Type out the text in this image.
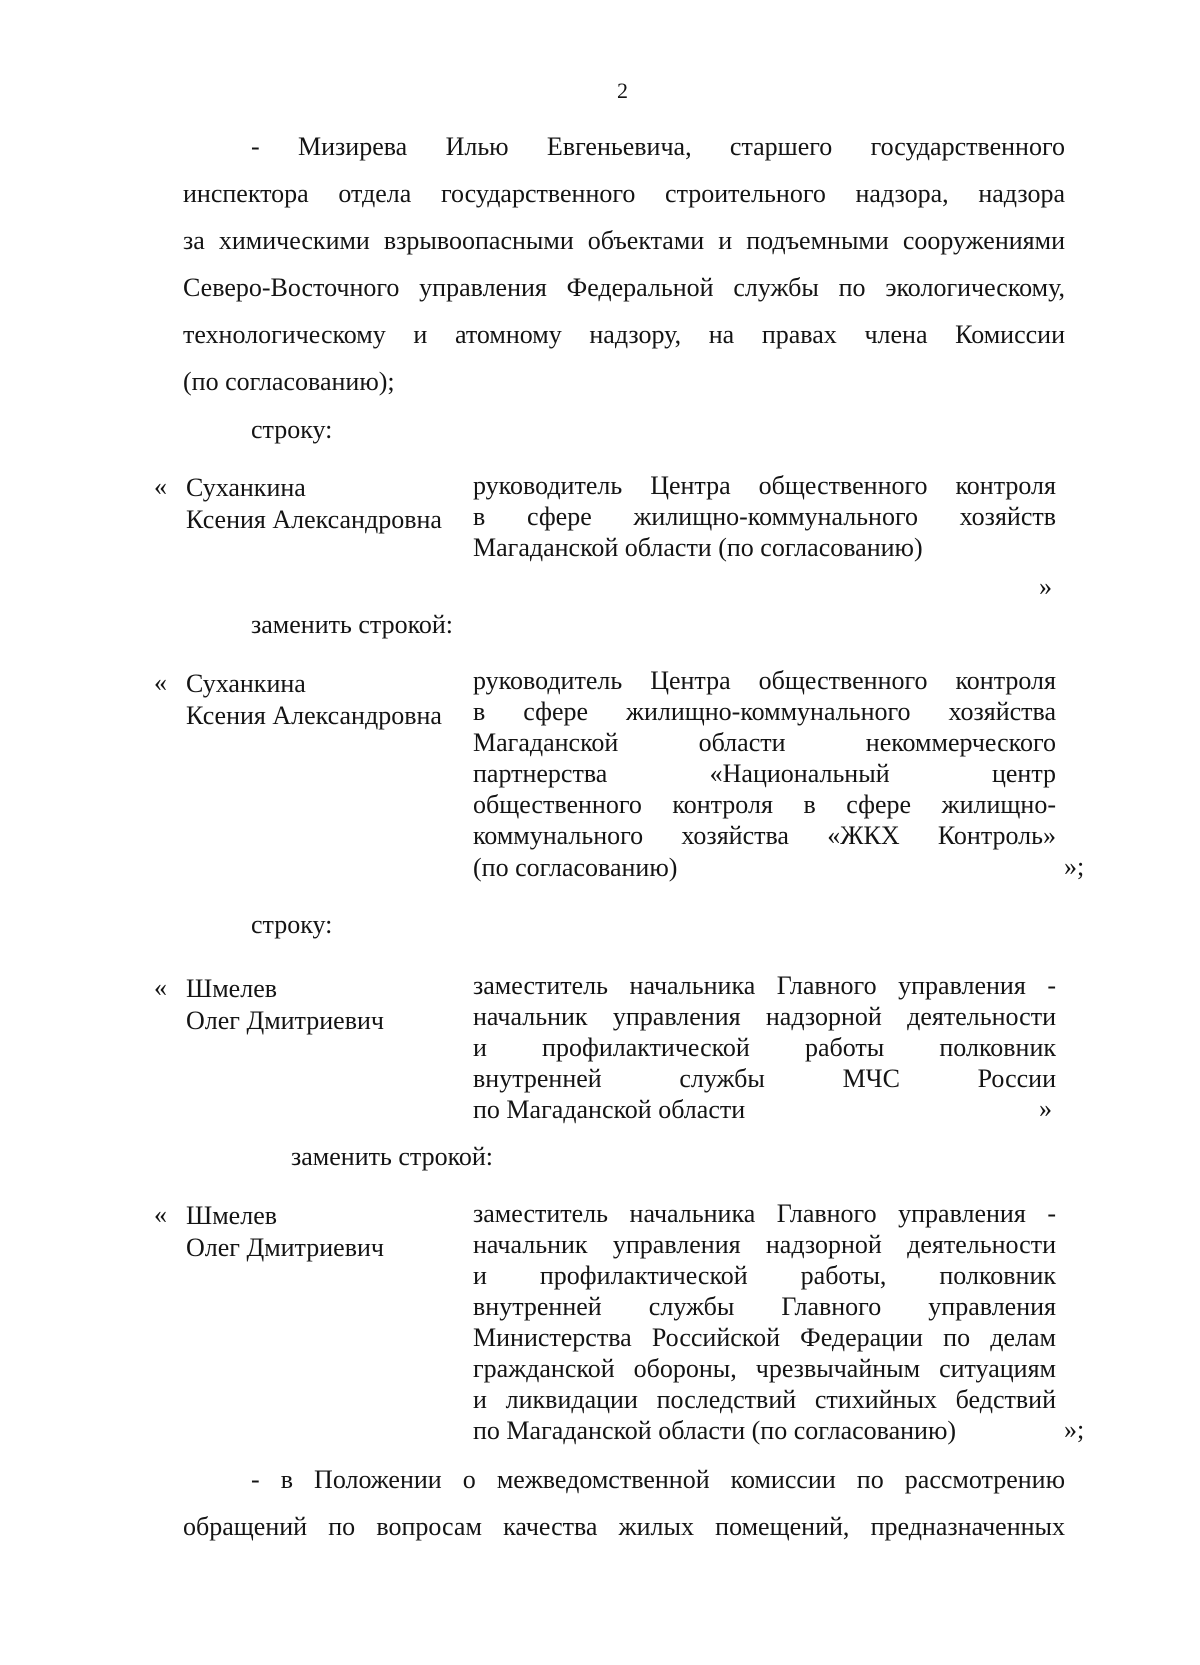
2
- Мизирева Илью Евгеньевича, старшего государственного
инспектора отдела государственного строительного надзора, надзора
за химическими взрывоопасными объектами и подъемными сооружениями
Северо-Восточного управления Федеральной службы по экологическому,
технологическому и атомному надзору, на правах члена Комиссии
(по согласованию);
строку:
« Суханкина
Ксения Александровна
руководитель Центра общественного контроля
в сфере жилищно-коммунального хозяйств
Магаданской области (по согласованию)
»
заменить строкой:
« Суханкина
Ксения Александровна
руководитель Центра общественного контроля
в сфере жилищно-коммунального хозяйства
Магаданской области некоммерческого
партнерства «Национальный центр
общественного контроля в сфере жилищно-
коммунального хозяйства «ЖКХ Контроль»
(по согласованию)	»;
строку:
« Шмелев
Олег Дмитриевич
заместитель начальника Главного управления -
начальник управления надзорной деятельности
и профилактической работы полковник
внутренней службы МЧС России
по Магаданской области	»
заменить строкой:
« Шмелев
Олег Дмитриевич
заместитель начальника Главного управления -
начальник управления надзорной деятельности
и профилактической работы, полковник
внутренней службы Главного управления
Министерства Российской Федерации по делам
гражданской обороны, чрезвычайным ситуациям
и ликвидации последствий стихийных бедствий
по Магаданской области (по согласованию)	»;
- в Положении о межведомственной комиссии по рассмотрению
обращений по вопросам качества жилых помещений, предназначенных
